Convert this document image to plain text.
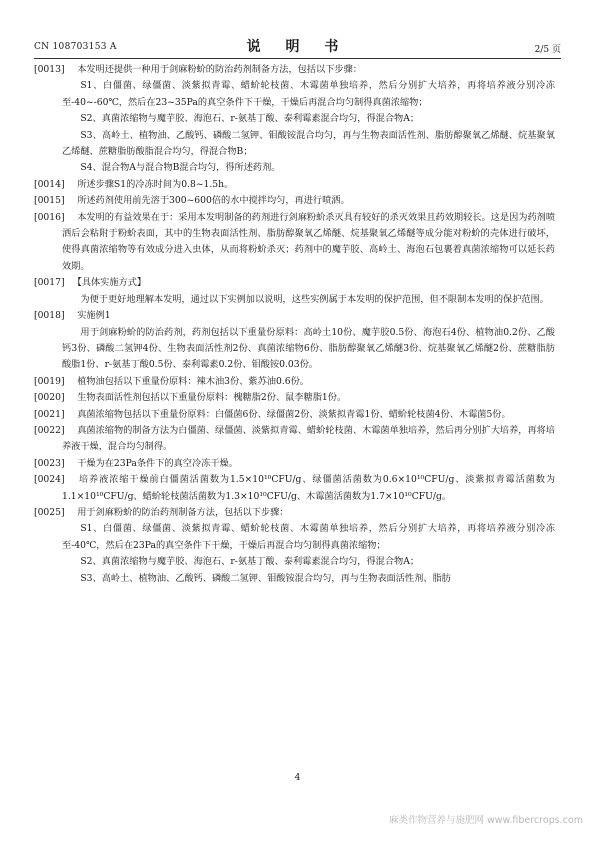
CN 108703153 A	说 明 书	2/5 页
[0013]　 本发明还提供一种用于剑麻粉蚧的防治药剂制备方法，包括以下步骤：
S1、白僵菌、绿僵菌、淡紫拟青霉、蜡蚧轮枝菌、木霉菌单独培养，然后分别扩大培养，再将培养液分别冷冻至-40~-60℃，然后在23~35Pa的真空条件下干燥，干燥后再混合均匀制得真菌浓缩物；
S2、真菌浓缩物与魔芋胶、海泡石、r-氨基丁酸、泰利霉素混合均匀，得混合物A；
S3、高岭土、植物油、乙酸钙、磷酸二氢钾、钼酸铵混合均匀，再与生物表面活性剂、脂肪醇聚氧乙烯醚、烷基聚氧乙烯醚、蔗糖脂肪酸脂混合均匀，得混合物B；
S4、混合物A与混合物B混合均匀，得所述药剂。
[0014]　 所述步骤S1的冷冻时间为0.8~1.5h。
[0015]　 所述药剂使用前先溶于300~600倍的水中搅拌均匀，再进行喷洒。
[0016]　 本发明的有益效果在于：采用本发明制备的药剂进行剑麻粉蚧杀灭具有较好的杀灭效果且药效期较长。这是因为药剂喷洒后会粘附于粉蚧表面，其中的生物表面活性剂、脂肪醇聚氧乙烯醚、烷基聚氧乙烯醚等成分能对粉蚧的壳体进行破坏，使得真菌浓缩物等有效成分进入虫体，从而将粉蚧杀灭；药剂中的魔芋胶、高岭土、海泡石包裹着真菌浓缩物可以延长药效期。
[0017]　 【具体实施方式】
为便于更好地理解本发明，通过以下实例加以说明，这些实例属于本发明的保护范围，但不限制本发明的保护范围。
[0018]　 实施例1
用于剑麻粉蚧的防治药剂，药剂包括以下重量份原料：高岭土10份、魔芋胶0.5份、海泡石4份、植物油0.2份、乙酸钙3份、磷酸二氢钾4份、生物表面活性剂2份、真菌浓缩物6份、脂肪醇聚氧乙烯醚3份、烷基聚氧乙烯醚2份、蔗糖脂肪酸脂1份、r-氨基丁酸0.5份、泰利霉素0.2份、钼酸铵0.03份。
[0019]　 植物油包括以下重量份原料：辣木油3份、紫苏油0.6份。
[0020]　 生物表面活性剂包括以下重量份原料：槐糖脂2份、鼠李糖脂1份。
[0021]　 真菌浓缩物包括以下重量份原料：白僵菌6份、绿僵菌2份、淡紫拟青霉1份、蜡蚧轮枝菌4份、木霉菌5份。
[0022]　 真菌浓缩物的制备方法为白僵菌、绿僵菌、淡紫拟青霉、蜡蚧轮枝菌、木霉菌单独培养，然后再分别扩大培养，再将培养液干燥，混合均匀制得。
[0023]　 干燥为在23Pa条件下的真空冷冻干燥。
[0024]　 培养液浓缩干燥前白僵菌活菌数为1.5×10¹⁰CFU/g、绿僵菌活菌数为0.6×10¹⁰CFU/g、淡紫拟青霉活菌数为1.1×10¹⁰CFU/g、蜡蚧轮枝菌活菌数为1.3×10¹⁰CFU/g、木霉菌活菌数为1.7×10¹⁰CFU/g。
[0025]　 用于剑麻粉蚧的防治药剂制备方法，包括以下步骤：
S1、白僵菌、绿僵菌、淡紫拟青霉、蜡蚧轮枝菌、木霉菌单独培养，然后分别扩大培养，再将培养液分别冷冻至-40℃，然后在23Pa的真空条件下干燥，干燥后再混合均匀制得真菌浓缩物；
S2、真菌浓缩物与魔芋胶、海泡石、r-氨基丁酸、泰利霉素混合均匀，得混合物A；
S3、高岭土、植物油、乙酸钙、磷酸二氢钾、钼酸铵混合均匀，再与生物表面活性剂、脂肪
4
麻类作物营养与施肥网 www.fibercrops.com
